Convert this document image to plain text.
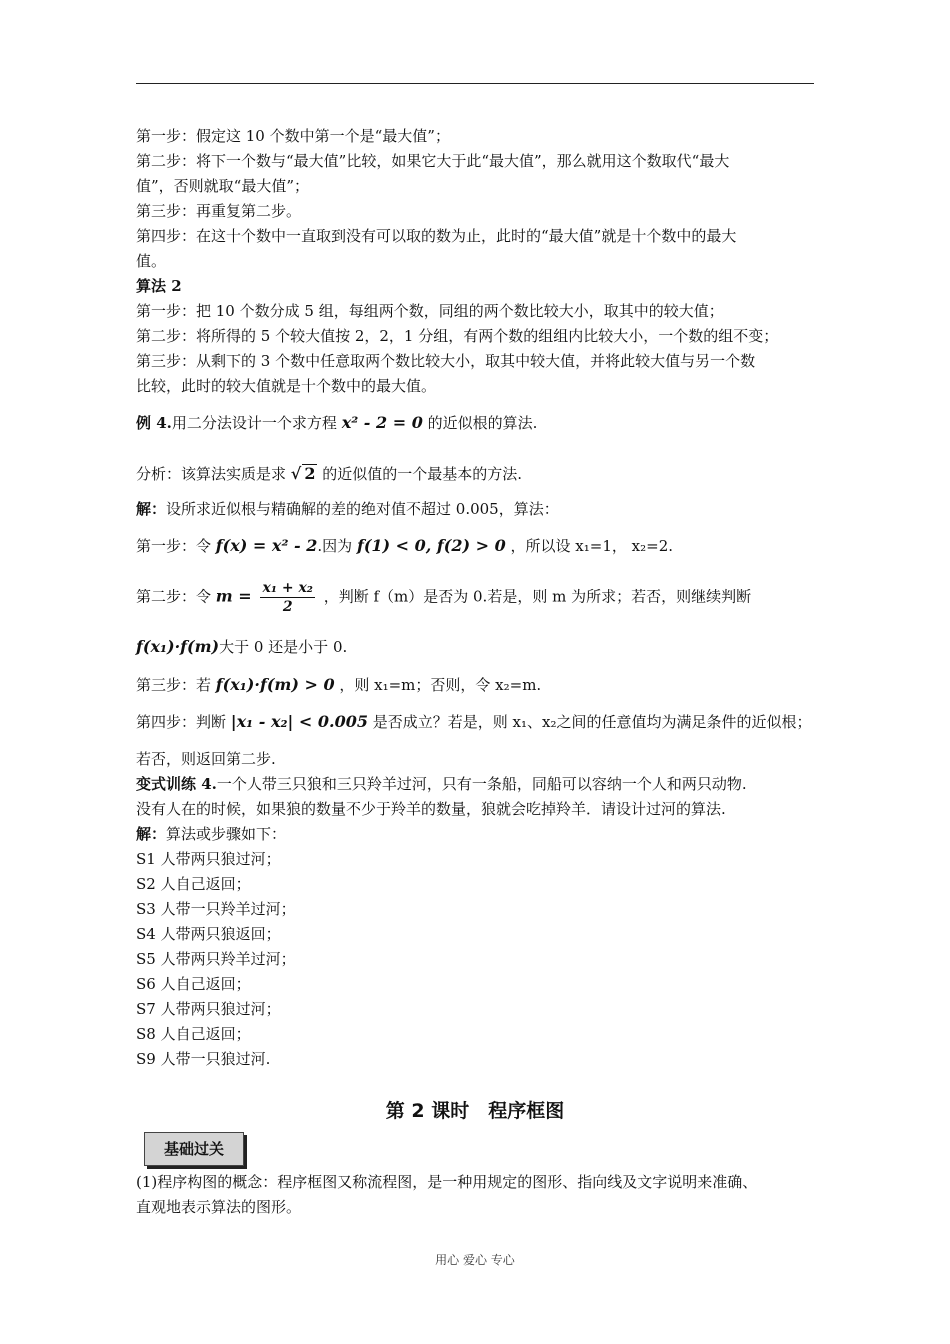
第一步：假定这 10 个数中第一个是“最大值”；
第二步：将下一个数与“最大值”比较，如果它大于此“最大值”，那么就用这个数取代“最大
值”，否则就取“最大值”；
第三步：再重复第二步。
第四步：在这十个数中一直取到没有可以取的数为止，此时的“最大值”就是十个数中的最大
值。
算法 2
第一步：把 10 个数分成 5 组，每组两个数，同组的两个数比较大小，取其中的较大值；
第二步：将所得的 5 个较大值按 2，2，1 分组，有两个数的组组内比较大小，一个数的组不变；
第三步：从剩下的 3 个数中任意取两个数比较大小，取其中较大值，并将此较大值与另一个数
比较，此时的较大值就是十个数中的最大值。
例 4.用二分法设计一个求方程 x² - 2 = 0 的近似根的算法.
分析：该算法实质是求 √ 2 的近似值的一个最基本的方法.
解：设所求近似根与精确解的差的绝对值不超过 0.005，算法：
第一步：令 f(x) = x² - 2.因为 f(1) < 0, f(2) > 0 ，所以设 x₁=1， x₂=2.
第二步：令 $m = \frac{\text{x₁ + x₂}}{2}$ ，判断 f（m）是否为 0.若是，则 m 为所求；若否，则继续判断
f(x₁)·f(m)大于 0 还是小于 0.
第三步：若 f(x₁)·f(m) > 0 ，则 x₁=m；否则，令 x₂=m.
第四步：判断 |x₁ - x₂| < 0.005 是否成立？若是，则 x₁、x₂之间的任意值均为满足条件的近似根；
若否，则返回第二步.
变式训练 4.一个人带三只狼和三只羚羊过河，只有一条船，同船可以容纳一个人和两只动物.
没有人在的时候，如果狼的数量不少于羚羊的数量，狼就会吃掉羚羊．请设计过河的算法.
解：算法或步骤如下：
S1 人带两只狼过河；
S2 人自己返回；
S3 人带一只羚羊过河；
S4 人带两只狼返回；
S5 人带两只羚羊过河；
S6 人自己返回；
S7 人带两只狼过河；
S8 人自己返回；
S9 人带一只狼过河.
第 2 课时　程序框图
基础过关
(1)程序构图的概念：程序框图又称流程图，是一种用规定的图形、指向线及文字说明来准确、
直观地表示算法的图形。
用心 爱心 专心
